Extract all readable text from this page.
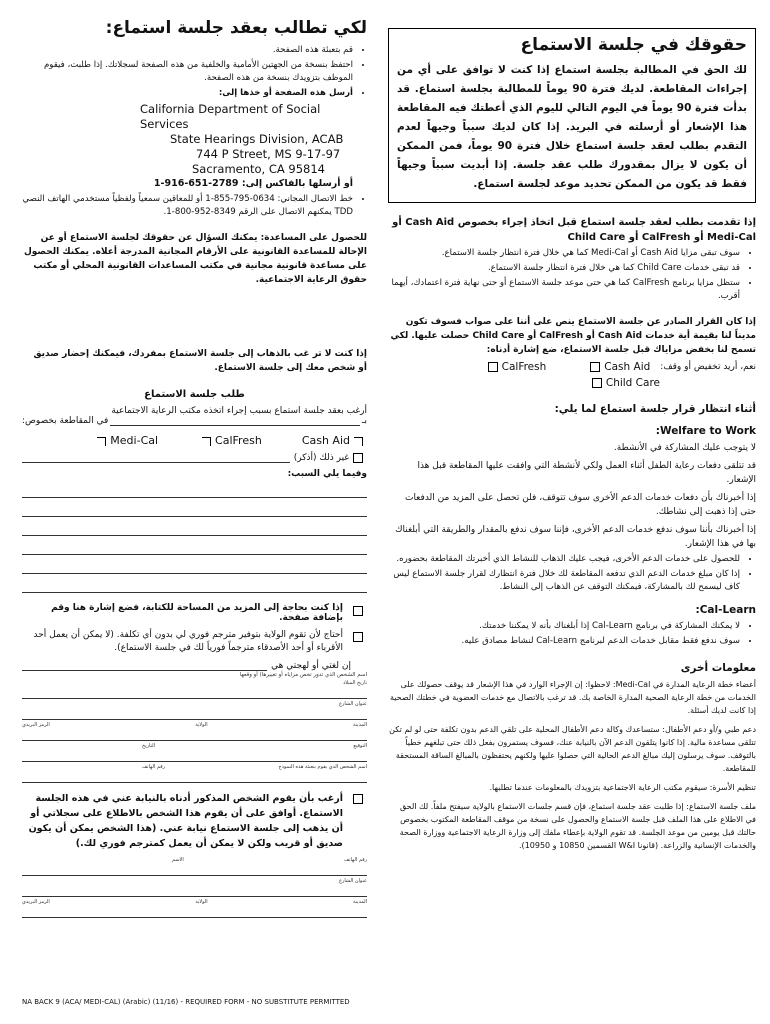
حقوقك في جلسة الاستماع
لك الحق في المطالبة بجلسة استماع إذا كنت لا توافق على أي من إجراءات المقاطعة. لديك فترة 90 يوماً للمطالبة بجلسة استماع. قد بدأت فترة 90 يوماً في اليوم التالي لليوم الذي أعطتك فيه المقاطعة هذا الإشعار أو أرسلته في البريد. إذا كان لديك سبباً وجيهاً لعدم التقدم بطلب لعقد جلسة استماع خلال فترة 90 يوماً، فمن الممكن أن يكون لا يزال بمقدورك طلب عقد جلسة. إذا أبديت سبباً وجيهاً فقط قد يكون من الممكن تحديد موعد لجلسة استماع.
إذا تقدمت بطلب لعقد جلسة استماع قبل اتخاذ إجراء بخصوص Cash Aid أو Medi-Cal أو CalFresh أو Child Care
• سوف تبقى مزايا Cash Aid أو Medi-Cal كما هي خلال فترة انتظار جلسة الاستماع.
• قد تبقى خدمات Child Care كما هي خلال فترة انتظار جلسة الاستماع.
• ستظل مزايا برنامج CalFresh كما هي حتى موعد جلسة الاستماع أو حتى نهاية فترة اعتمادك، أيهما أقرب.
إذا كان القرار الصادر عن جلسة الاستماع ينص على أننا على صواب فسوف تكون مديناً لنا بقيمة أية خدمات Cash Aid أو CalFresh أو Child Care حصلت عليها. لكي تسمح لنا بخفض مزاياك قبل جلسة الاستماع، ضع إشارة أدناه:
نعم، أريد تخفيض أو وقف:
Cash Aid
CalFresh
Child Care
أثناء انتظار قرار جلسة استماع لما يلي:
:Welfare to Work

لا يتوجب عليك المشاركة في الأنشطة.

قد تتلقى دفعات رعاية الطفل أثناء العمل ولكي لأنشطة التي وافقت عليها المقاطعة قبل هذا الإشعار.

إذا أخبرناك بأن دفعات خدمات الدعم الأخرى سوف تتوقف، فلن تحصل على المزيد من الدفعات حتى إذا ذهبت إلى نشاطك.

إذا أخبرناك بأننا سوف ندفع خدمات الدعم الأخرى، فإننا سوف ندفع بالمقدار والطريقة التي أبلغناك بها في هذا الإشعار.

• للحصول على خدمات الدعم الأخرى، فيجب عليك الذهاب للنشاط الذي أخبرتك المقاطعة بحضوره.
• إذا كان مبلغ خدمات الدعم الذي تدفعه المقاطعة لك خلال فترة انتظارك لقرار جلسة الاستماع ليس كاف ليسمح لك بالمشاركة، فيمكنك التوقف عن الذهاب إلى النشاط.
:Cal-Learn
• لا يمكنك المشاركة في برنامج Cal-Learn إذا أبلغناك بأنه لا يمكننا خدمتك.
• سوف ندفع فقط مقابل خدمات الدعم لبرنامج Cal-Learn لنشاط مصادق عليه.
معلومات أخرى

أعضاء خطة الرعاية المدارة في Medi-Cal: لاحظوا: إن الإجراء الوارد في هذا الإشعار قد يوقف حصولك على الخدمات من خطة الرعاية الصحية المدارة الخاصة بك. قد ترغب بالاتصال مع خدمات العضوية في خطتك الصحية إذا كانت لديك أسئلة.

دعم طبي و/أو دعم الأطفال: ستساعدك وكالة دعم الأطفال المحلية على تلقي الدعم بدون تكلفة حتى لو لم تكن تتلقى مساعدة مالية. إذا كانوا يتلقون الدعم الآن بالنيابة عنك، فسوف يستمرون بفعل ذلك حتى تبلغهم خطياً بالتوقف. سوف يرسلون إليك مبالغ الدعم الحالية التي حصلوا عليها ولكنهم يحتفظون بالمبالغ الساقة المستحقة للمقاطعة.

تنظيم الأسرة: سيقوم مكتب الرعاية الاجتماعية بتزويدك بالمعلومات عندما تطلبها.

ملف جلسة الاستماع: إذا طلبت عقد جلسة استماع، فإن قسم جلسات الاستماع بالولاية سيفتح ملفاً. لك الحق في الاطلاع على هذا الملف قبل جلسة الاستماع والحصول على نسخة من موقف المقاطعة المكتوب بخصوص حالتك قبل يومين من موعد الجلسة. قد تقوم الولاية بإعطاء ملفك إلى وزارة الرعاية الاجتماعية ووزارة الصحة والخدمات الإنسانية والزراعة. (قانونا W&I القسمين 10850 و 10950).

لكي تطالب بعقد جلسة استماع:
• قم بتعبئة هذه الصفحة.
• احتفظ بنسخة من الجهتين الأمامية والخلفية من هذه الصفحة لسجلاتك. إذا طلبت، فيقوم الموظف بتزويدك بنسخة من هذه الصفحة.
• أرسل هذه الصفحة أو خذها إلى:
California Department of Social Services
State Hearings Division, ACAB
744 P Street, MS 9-17-97
Sacramento, CA 95814
أو أرسلها بالفاكس إلى: 2789-651-916-1
• خط الاتصال المجاني: 0634-795-855-1 أو للمعاقين سمعياً ولفظياً مستخدمي الهاتف النصي TDD يمكنهم الاتصال على الرقم 8349-952-800-1.

للحصول على المساعدة: يمكنك السؤال عن حقوقك لجلسة الاستماع أو عن الإحالة للمساعدة القانونية على الأرقام المجانية المدرجة أعلاه. يمكنك الحصول على مساعدة قانونية مجانية في مكتب المساعدات القانونية المحلي أو مكتب حقوق الرعاية الاجتماعية.

إذا كنت لا تر غب بالذهاب إلى جلسة الاستماع بمفردك، فيمكنك إحضار صديق أو شخص معك إلى جلسة الاستماع.

طلب جلسة الاستماع
أرغب بعقد جلسة استماع بسبب إجراء اتخذه مكتب الرعاية الاجتماعية
بـ
في المقاطعة بخصوص:
Medi-Cal	CalFresh	Cash Aid
غير ذلك (أذكر)
وفيما يلي السبب:
إذا كنت بحاجة إلى المزيد من المساحة للكتابة، فضع إشارة هنا وقم بإضافة صفحة.
أحتاج لأن تقوم الولاية بتوفير مترجم فوري لي بدون أي تكلفة. (لا يمكن أن يعمل أحد الأقرباء أو أحد الأصدقاء مترجماً فورياً لك في جلسة الاستماع).
إن لغتي أو لهجتي هي
اسم الشخص الذي تدور تخص مزاياه أو تغييرها) أو وقعها
تاريخ الميلاد
عنوان الشارع
المدينة
الولاية
الرمز البريدي
التوقيع
التاريخ
اسم الشخص الذي يقوم بتعبئة هذه النموذج
رقم الهاتف
أرغب بأن يقوم الشخص المذكور أدناه بالنيابة عني في هذه الجلسة الاستماع. أوافق على أن يقوم هذا الشخص بالاطلاع على سجلاتي أو أن يذهب إلى جلسة الاستماع نيابة عني. (هذا الشخص يمكن أن يكون صديق أو قريب ولكن لا يمكن أن يعمل كمترجم فوري لك.)
رقم الهاتف
الاسم
عنوان الشارع
المدينة
الولاية
الرمز البريدي
NA BACK 9 (ACA/ MEDI-CAL) (Arabic) (11/16) - REQUIRED FORM - NO SUBSTITUTE PERMITTED
